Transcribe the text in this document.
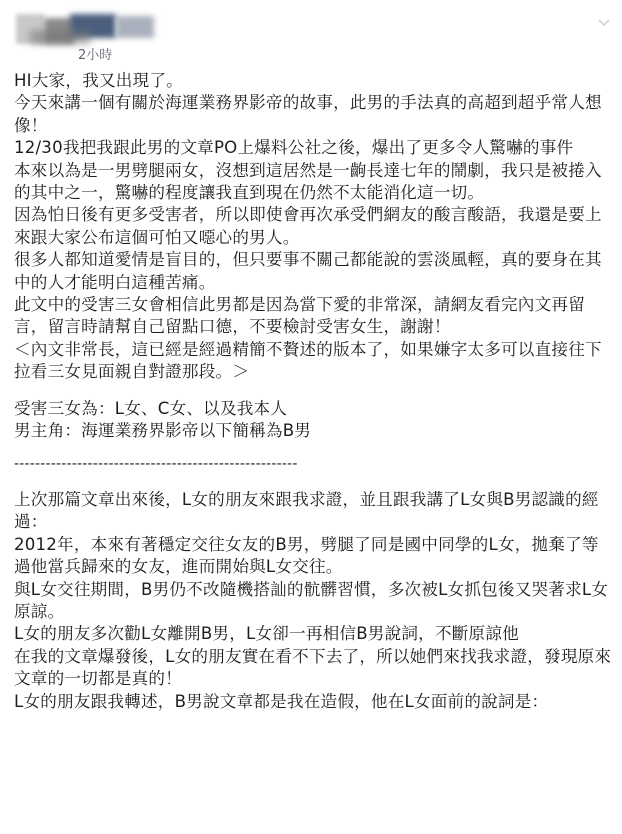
2小時

HI大家，我又出現了。

今天來講一個有關於海運業務界影帝的故事，此男的手法真的高超到超乎常人想像！

12/30我把我跟此男的文章PO上爆料公社之後，爆出了更多令人驚嚇的事件

本來以為是一男劈腿兩女，沒想到這居然是一齣長達七年的鬧劇，我只是被捲入的其中之一，驚嚇的程度讓我直到現在仍然不太能消化這一切。

因為怕日後有更多受害者，所以即使會再次承受們網友的酸言酸語，我還是要上來跟大家公布這個可怕又噁心的男人。

很多人都知道愛情是盲目的，但只要事不關己都能說的雲淡風輕，真的要身在其中的人才能明白這種苦痛。

此文中的受害三女會相信此男都是因為當下愛的非常深，請網友看完內文再留言，留言時請幫自己留點口德，不要檢討受害女生，謝謝！

＜內文非常長，這已經是經過精簡不贅述的版本了，如果嫌字太多可以直接往下拉看三女見面親自對證那段。＞

受害三女為：L女、C女、以及我本人

男主角：海運業務界影帝以下簡稱為B男

------------------------------------------------------

上次那篇文章出來後，L女的朋友來跟我求證，並且跟我講了L女與B男認識的經過：

2012年，本來有著穩定交往女友的B男，劈腿了同是國中同學的L女，拋棄了等過他當兵歸來的女友，進而開始與L女交往。

與L女交往期間，B男仍不改隨機搭訕的骯髒習慣，多次被L女抓包後又哭著求L女原諒。

L女的朋友多次勸L女離開B男，L女卻一再相信B男說詞，不斷原諒他

在我的文章爆發後，L女的朋友實在看不下去了，所以她們來找我求證，發現原來文章的一切都是真的！

L女的朋友跟我轉述，B男說文章都是我在造假，他在L女面前的說詞是：
